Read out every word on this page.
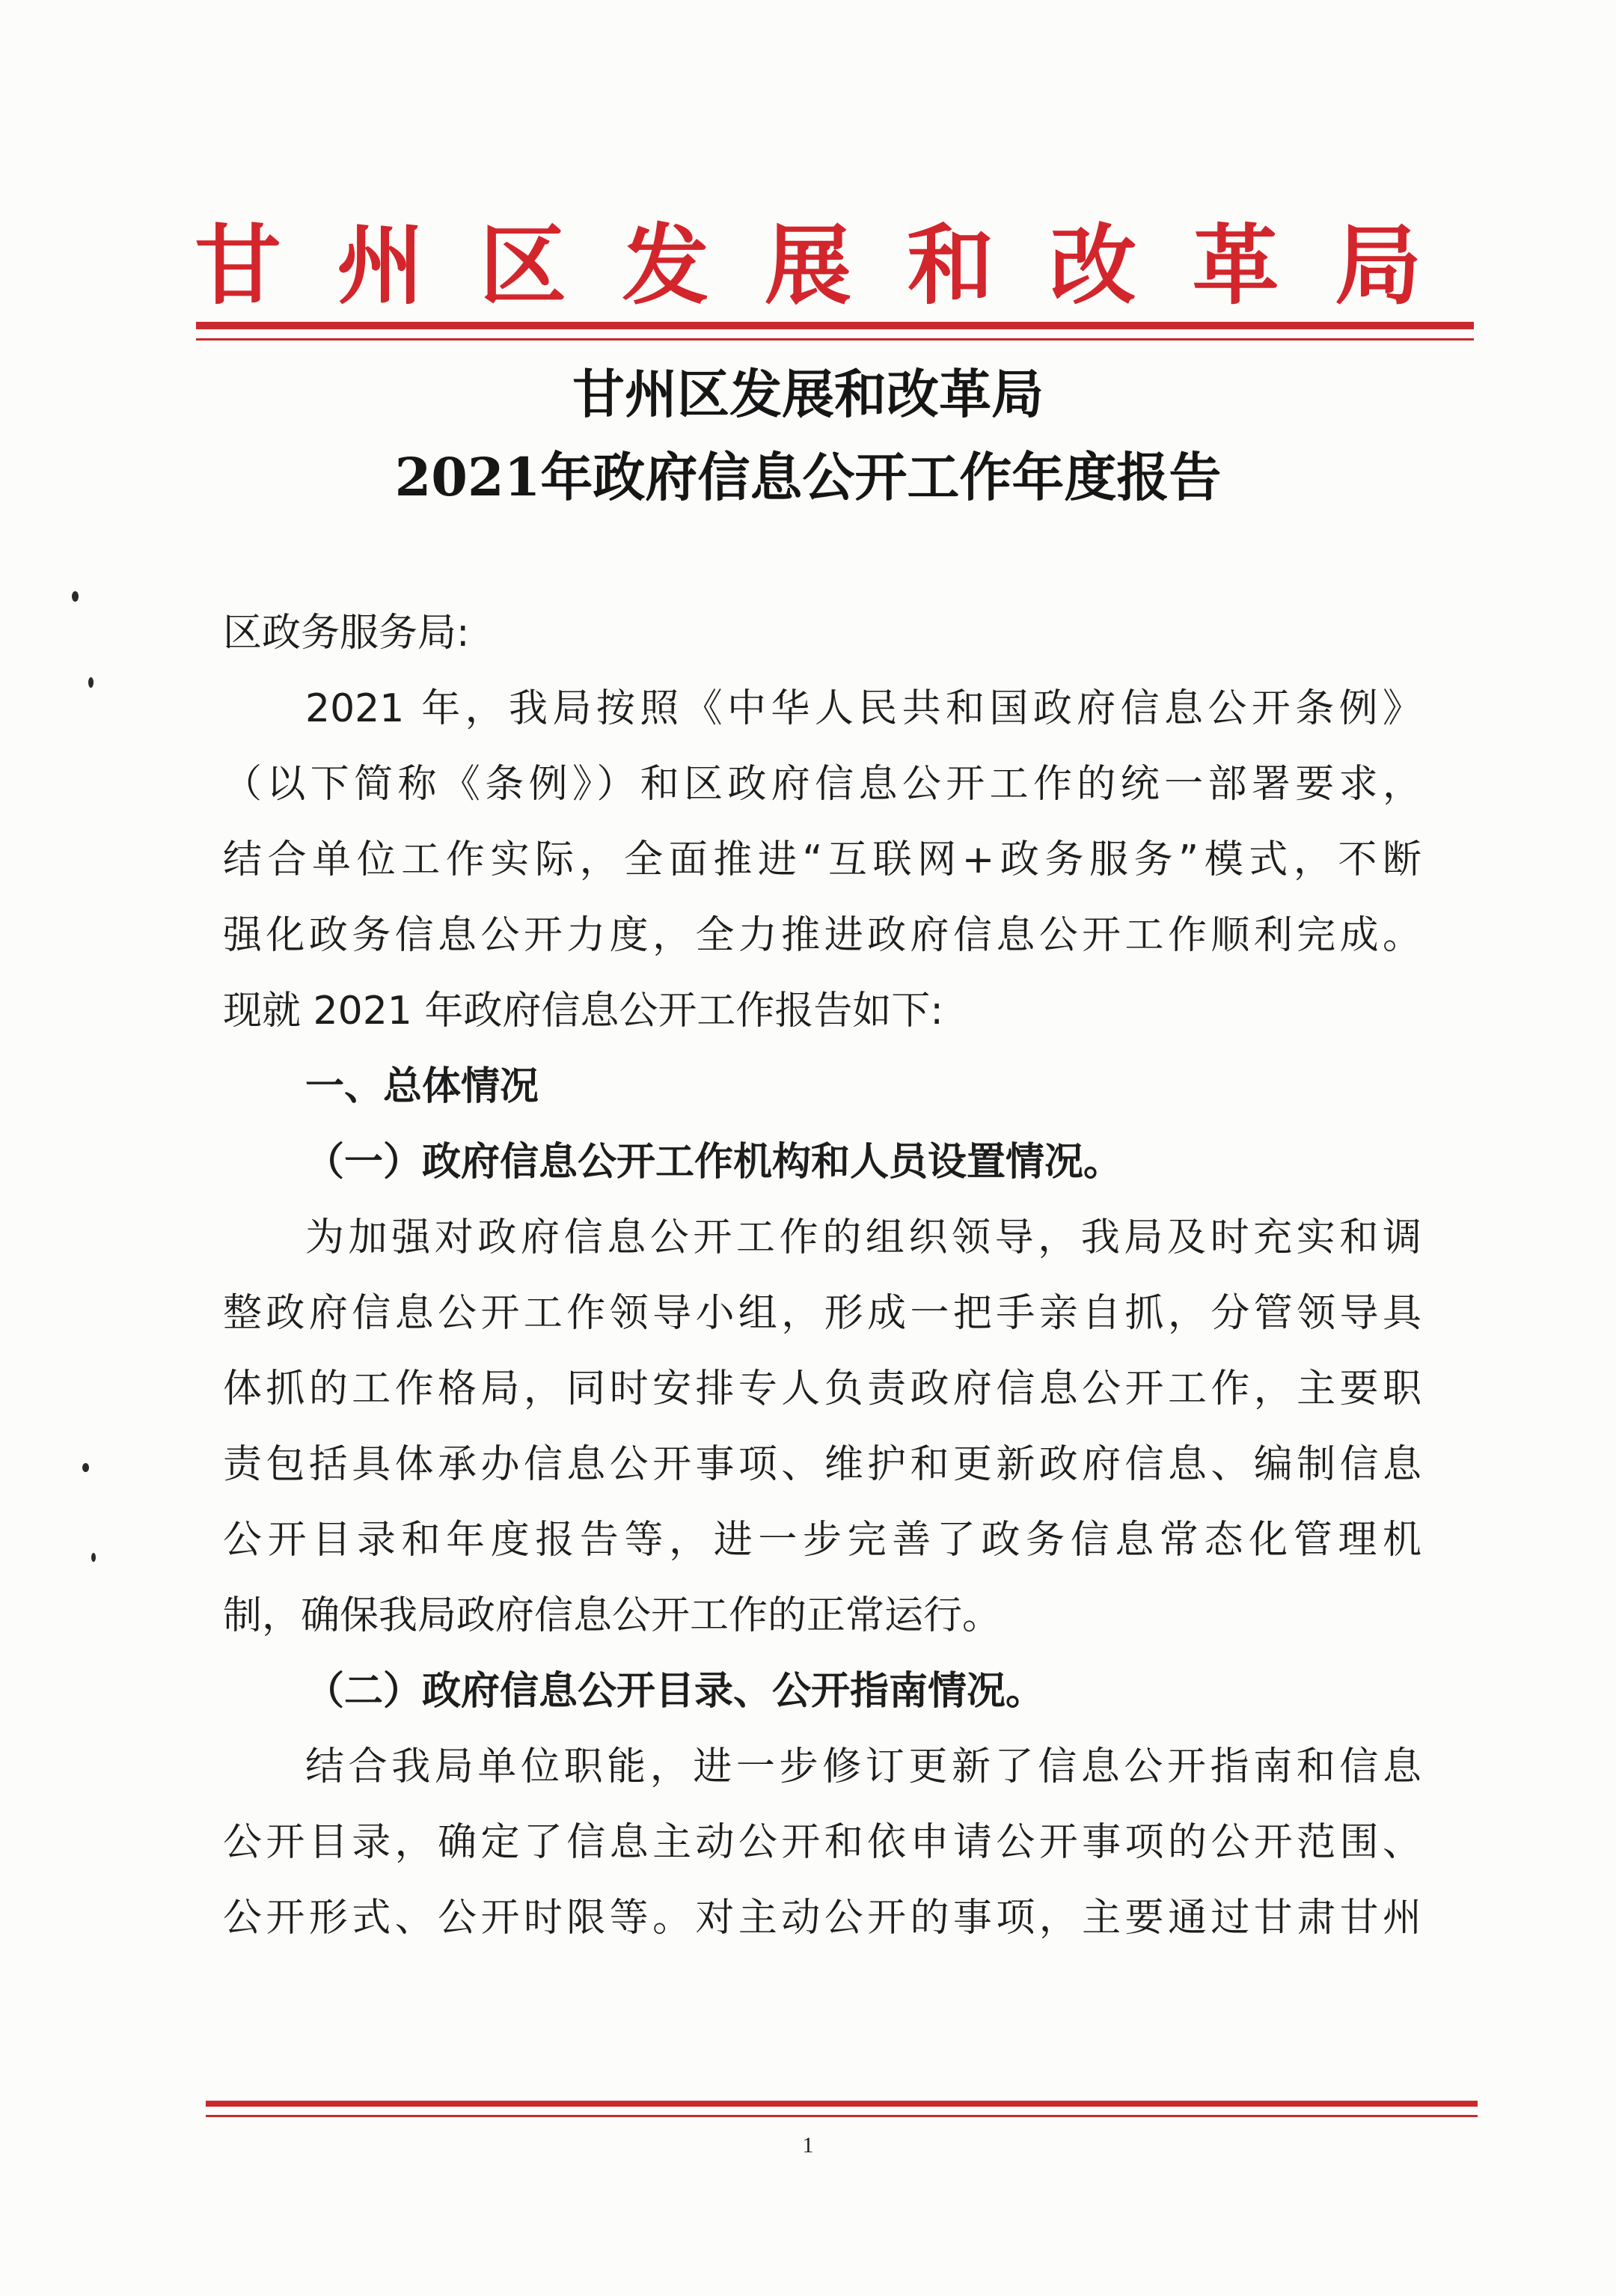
甘 州 区 发 展 和 改 革 局
甘州区发展和改革局
2021年政府信息公开工作年度报告
区政务服务局:
2021 年，我局按照《中华人民共和国政府信息公开条例》
（以下简称《条例》）和区政府信息公开工作的统一部署要求，
结合单位工作实际，全面推进“互联网+政务服务”模式，不断
强化政务信息公开力度，全力推进政府信息公开工作顺利完成。
现就 2021 年政府信息公开工作报告如下:
一、总体情况
（一）政府信息公开工作机构和人员设置情况。
为加强对政府信息公开工作的组织领导，我局及时充实和调
整政府信息公开工作领导小组，形成一把手亲自抓，分管领导具
体抓的工作格局，同时安排专人负责政府信息公开工作，主要职
责包括具体承办信息公开事项、维护和更新政府信息、编制信息
公开目录和年度报告等，进一步完善了政务信息常态化管理机
制，确保我局政府信息公开工作的正常运行。
（二）政府信息公开目录、公开指南情况。
结合我局单位职能，进一步修订更新了信息公开指南和信息
公开目录，确定了信息主动公开和依申请公开事项的公开范围、
公开形式、公开时限等。对主动公开的事项，主要通过甘肃甘州
1
